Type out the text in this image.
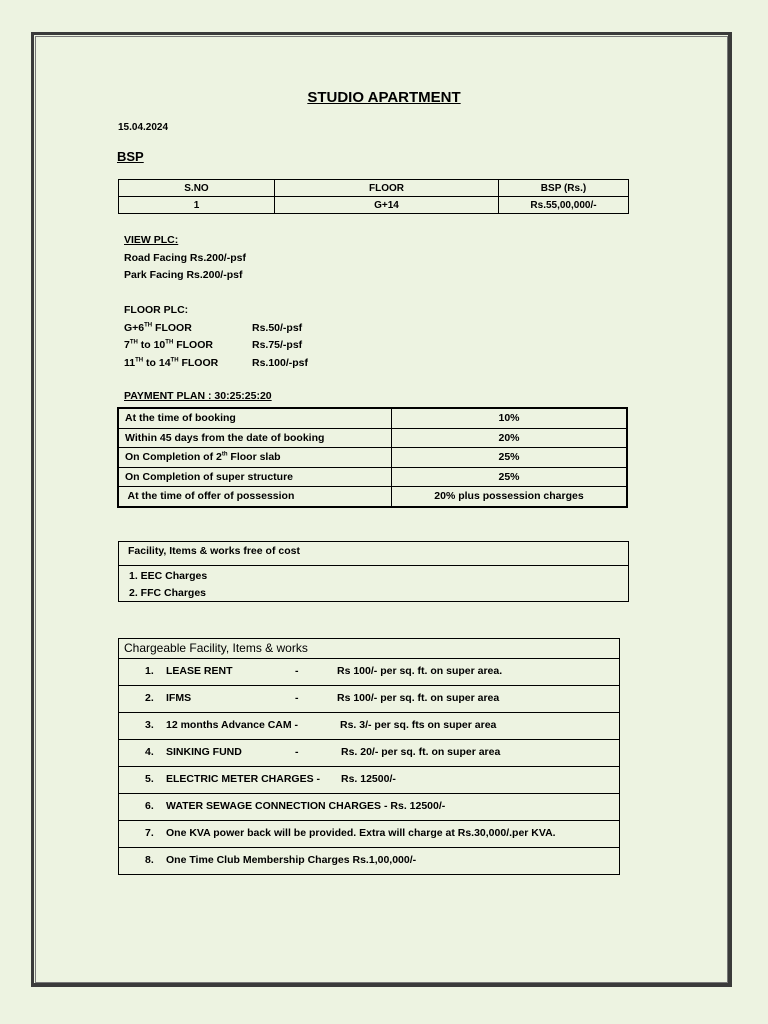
STUDIO APARTMENT
15.04.2024
BSP
S.NO	FLOOR	BSP (Rs.)
1	G+14	Rs.55,00,000/-
VIEW PLC:
Road Facing Rs.200/-psf
Park Facing Rs.200/-psf
FLOOR PLC:
G+6TH FLOOR	Rs.50/-psf
7TH to 10TH FLOOR	Rs.75/-psf
11TH to 14TH FLOOR	Rs.100/-psf
PAYMENT PLAN : 30:25:25:20
At the time of booking	10%
Within 45 days from the date of booking	20%
On Completion of 2th Floor slab	25%
On Completion of super structure	25%
At the time of offer of possession	20% plus possession charges
Facility, Items & works free of cost
1. EEC Charges
2. FFC Charges
Chargeable Facility, Items & works
1. LEASE RENT	-	Rs 100/- per sq. ft. on super area.
2. IFMS	-	Rs 100/- per sq. ft. on super area
3. 12 months Advance CAM -	Rs. 3/- per sq. fts on super area
4. SINKING FUND	-	Rs. 20/- per sq. ft. on super area
5. ELECTRIC METER CHARGES - Rs. 12500/-
6. WATER SEWAGE CONNECTION CHARGES - Rs. 12500/-
7. One KVA power back will be provided. Extra will charge at Rs.30,000/.per KVA.
8. One Time Club Membership Charges Rs.1,00,000/-
